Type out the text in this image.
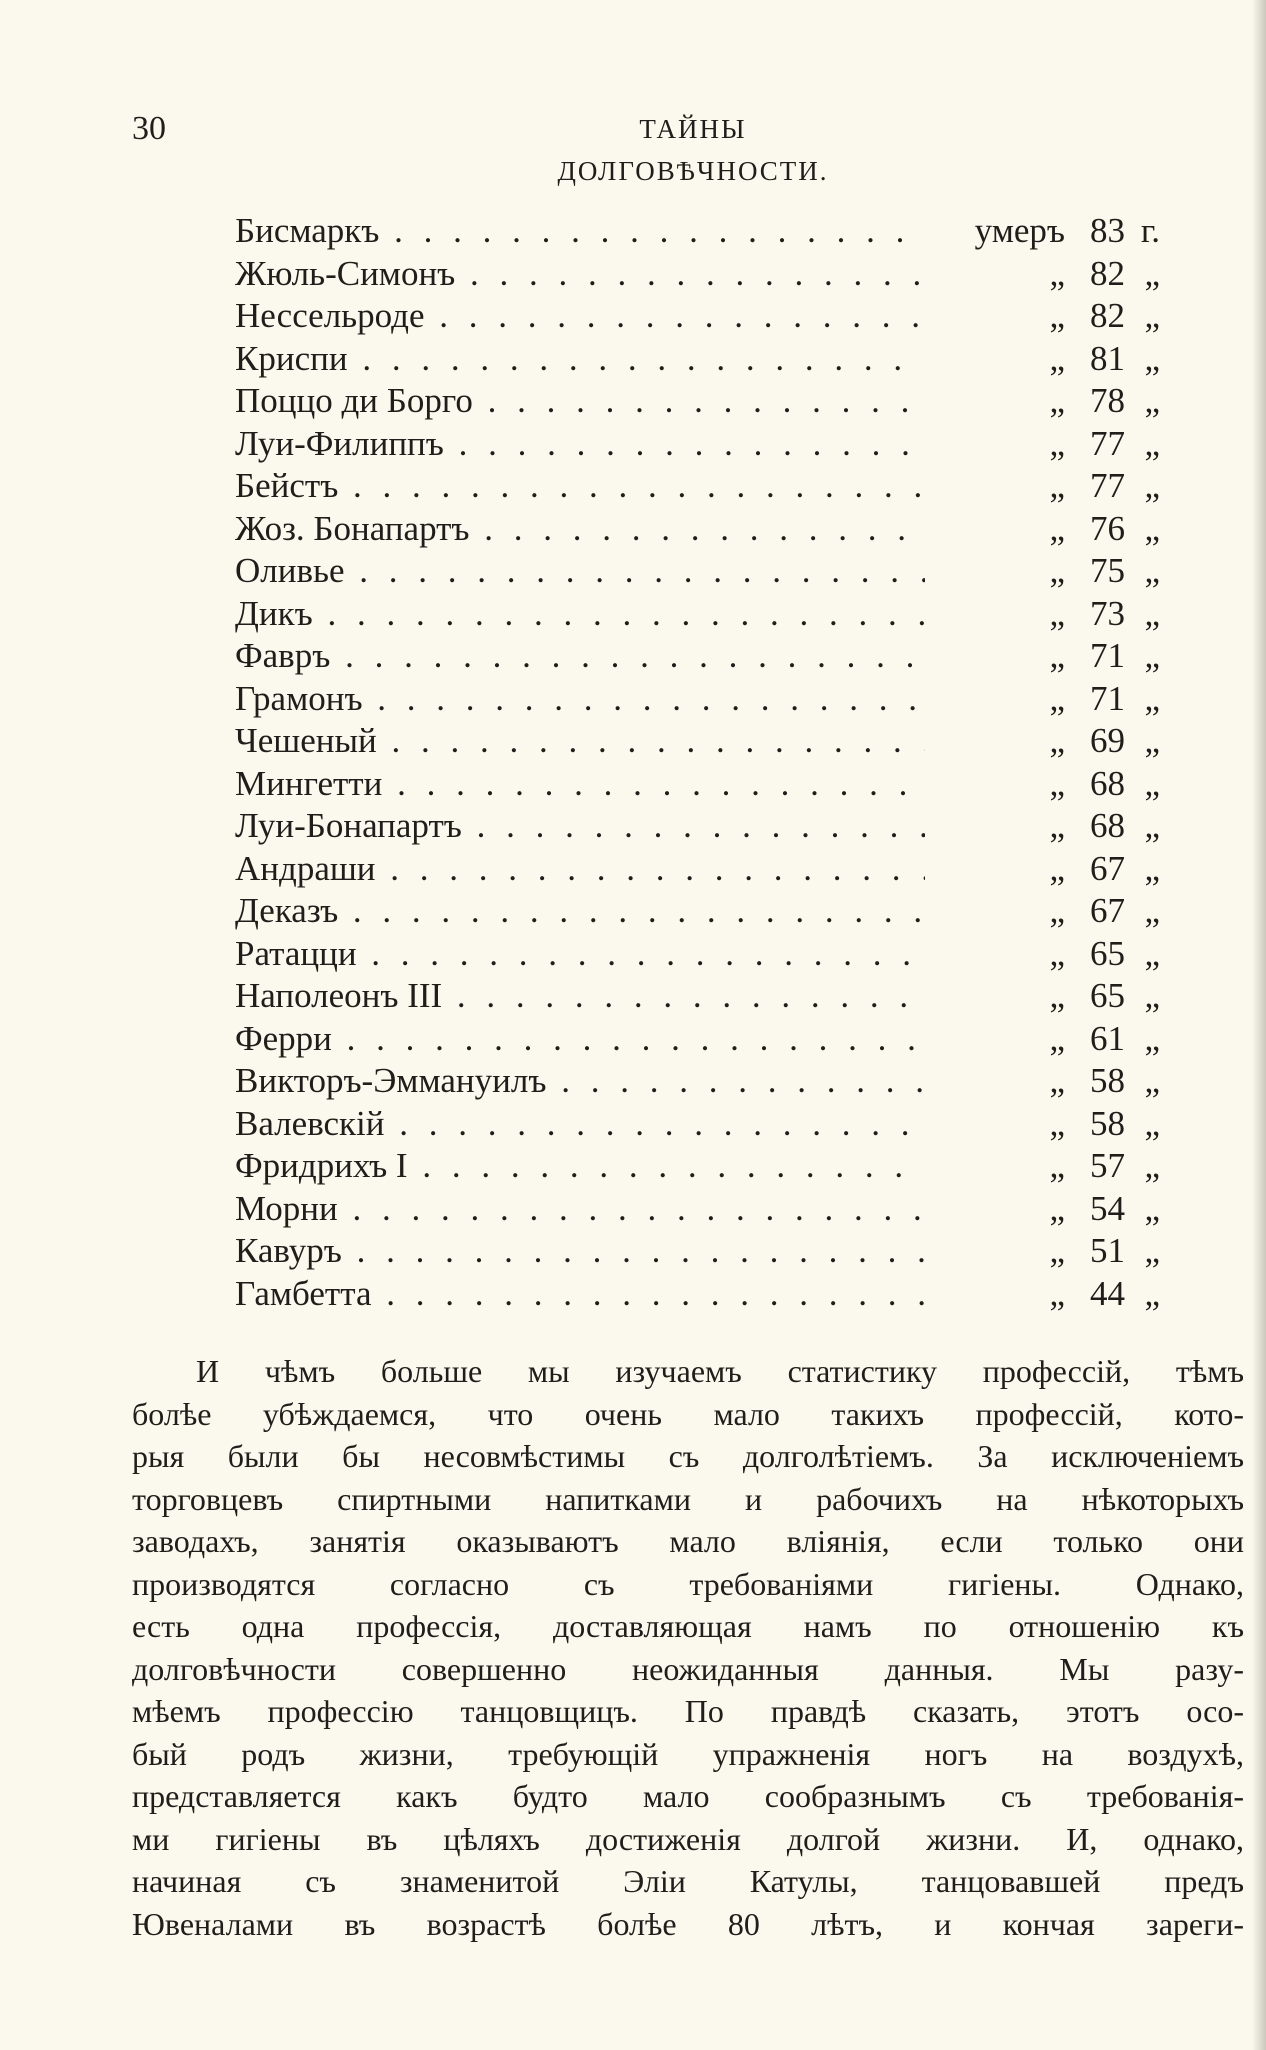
30	ТАЙНЫ ДОЛГОВѢЧНОСТИ.
Бисмаркъ . . .	умеръ 83 г.
Жюль-Симонъ . . .	„ 82 „
Нессельроде . . .	„ 82 „
Криспи . . .	„ 81 „
Поццо ди Борго . . .	„ 78 „
Луи-Филиппъ . . .	„ 77 „
Бейстъ . . .	„ 77 „
Жоз. Бонапартъ . . .	„ 76 „
Оливье . . .	„ 75 „
Дикъ . . .	„ 73 „
Фавръ . . .	„ 71 „
Грамонъ . . .	„ 71 „
Чешеный . . .	„ 69 „
Мингетти . . .	„ 68 „
Луи-Бонапартъ . . .	„ 68 „
Андраши . . .	„ 67 „
Деказъ . . .	„ 67 „
Ратацци . . .	„ 65 „
Наполеонъ III . . .	„ 65 „
Ферри . . .	„ 61 „
Викторъ-Эммануилъ . . .	„ 58 „
Валевскій . . .	„ 58 „
Фридрихъ I . . .	„ 57 „
Морни . . .	„ 54 „
Кавуръ . . .	„ 51 „
Гамбетта . . .	„ 44 „
И чѣмъ больше мы изучаемъ статистику профессій, тѣмъ
болѣе убѣждаемся, что очень мало такихъ профессій, кото-
рыя были бы несовмѣстимы съ долголѣтіемъ. За исключеніемъ
торговцевъ спиртными напитками и рабочихъ на нѣкоторыхъ
заводахъ, занятія оказываютъ мало вліянія, если только они
производятся согласно съ требованіями гигіены. Однако,
есть одна профессія, доставляющая намъ по отношенію къ
долговѣчности совершенно неожиданныя данныя. Мы разу-
мѣемъ профессію танцовщицъ. По правдѣ сказать, этотъ осо-
бый родъ жизни, требующій упражненія ногъ на воздухѣ,
представляется какъ будто мало сообразнымъ съ требованія-
ми гигіены въ цѣляхъ достиженія долгой жизни. И, однако,
начиная съ знаменитой Эліи Катулы, танцовавшей предъ
Ювеналами въ возрастѣ болѣе 80 лѣтъ, и кончая зареги-
